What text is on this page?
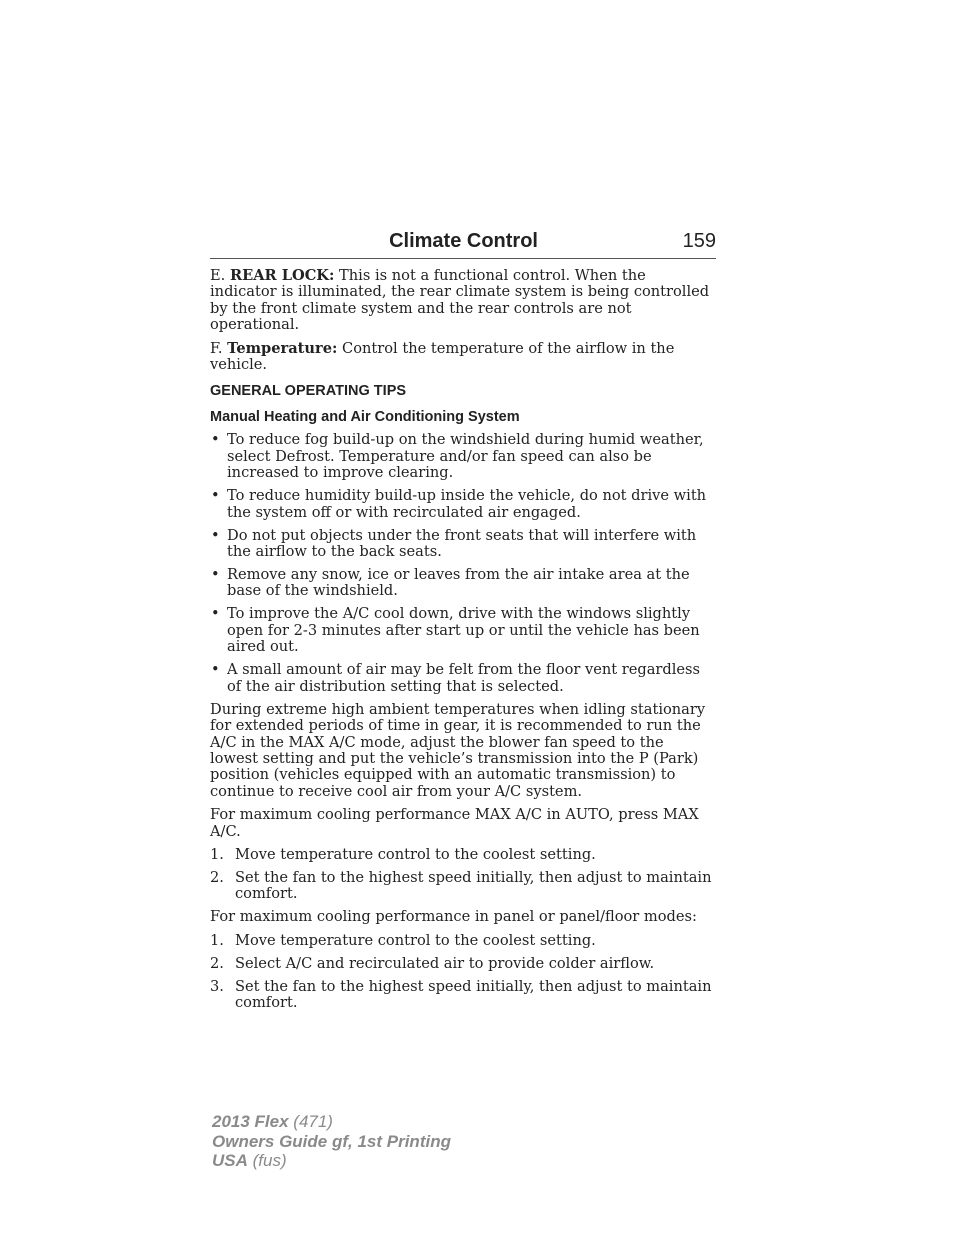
Climate Control	159

E. REAR LOCK: This is not a functional control. When the indicator is illuminated, the rear climate system is being controlled by the front climate system and the rear controls are not operational.

F. Temperature: Control the temperature of the airflow in the vehicle.

GENERAL OPERATING TIPS
Manual Heating and Air Conditioning System
• To reduce fog build-up on the windshield during humid weather, select Defrost. Temperature and/or fan speed can also be increased to improve clearing.
• To reduce humidity build-up inside the vehicle, do not drive with the system off or with recirculated air engaged.
• Do not put objects under the front seats that will interfere with the airflow to the back seats.
• Remove any snow, ice or leaves from the air intake area at the base of the windshield.
• To improve the A/C cool down, drive with the windows slightly open for 2-3 minutes after start up or until the vehicle has been aired out.
• A small amount of air may be felt from the floor vent regardless of the air distribution setting that is selected.

During extreme high ambient temperatures when idling stationary for extended periods of time in gear, it is recommended to run the A/C in the MAX A/C mode, adjust the blower fan speed to the lowest setting and put the vehicle’s transmission into the P (Park) position (vehicles equipped with an automatic transmission) to continue to receive cool air from your A/C system.

For maximum cooling performance MAX A/C in AUTO, press MAX A/C.

1. Move temperature control to the coolest setting.
2. Set the fan to the highest speed initially, then adjust to maintain comfort.

For maximum cooling performance in panel or panel/floor modes:

1. Move temperature control to the coolest setting.
2. Select A/C and recirculated air to provide colder airflow.
3. Set the fan to the highest speed initially, then adjust to maintain comfort.
2013 Flex (471)
Owners Guide gf, 1st Printing
USA (fus)
